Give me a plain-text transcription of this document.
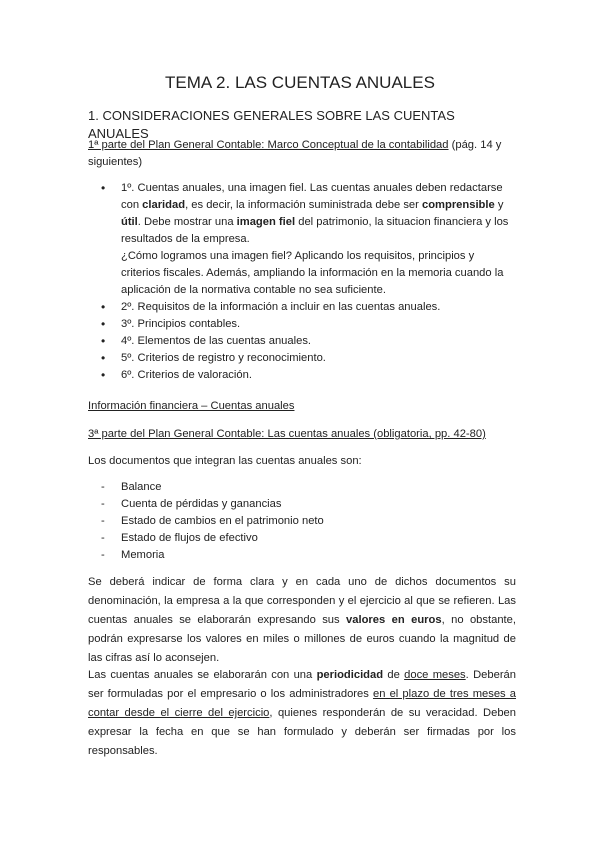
TEMA 2. LAS CUENTAS ANUALES
1. CONSIDERACIONES GENERALES SOBRE LAS CUENTAS ANUALES
1ª parte del Plan General Contable: Marco Conceptual de la contabilidad (pág. 14 y siguientes)
• 1º. Cuentas anuales, una imagen fiel. Las cuentas anuales deben redactarse con claridad, es decir, la información suministrada debe ser comprensible y útil. Debe mostrar una imagen fiel del patrimonio, la situacion financiera y los resultados de la empresa.
¿Cómo logramos una imagen fiel? Aplicando los requisitos, principios y criterios fiscales. Además, ampliando la información en la memoria cuando la aplicación de la normativa contable no sea suficiente.
• 2º. Requisitos de la información a incluir en las cuentas anuales.
• 3º. Principios contables.
• 4º. Elementos de las cuentas anuales.
• 5º. Criterios de registro y reconocimiento.
• 6º. Criterios de valoración.
Información financiera – Cuentas anuales
3ª parte del Plan General Contable: Las cuentas anuales (obligatoria, pp. 42-80)
Los documentos que integran las cuentas anuales son:
- Balance
- Cuenta de pérdidas y ganancias
- Estado de cambios en el patrimonio neto
- Estado de flujos de efectivo
- Memoria
Se deberá indicar de forma clara y en cada uno de dichos documentos su denominación, la empresa a la que corresponden y el ejercicio al que se refieren. Las cuentas anuales se elaborarán expresando sus valores en euros, no obstante, podrán expresarse los valores en miles o millones de euros cuando la magnitud de las cifras así lo aconsejen.
Las cuentas anuales se elaborarán con una periodicidad de doce meses. Deberán ser formuladas por el empresario o los administradores en el plazo de tres meses a contar desde el cierre del ejercicio, quienes responderán de su veracidad. Deben expresar la fecha en que se han formulado y deberán ser firmadas por los responsables.
